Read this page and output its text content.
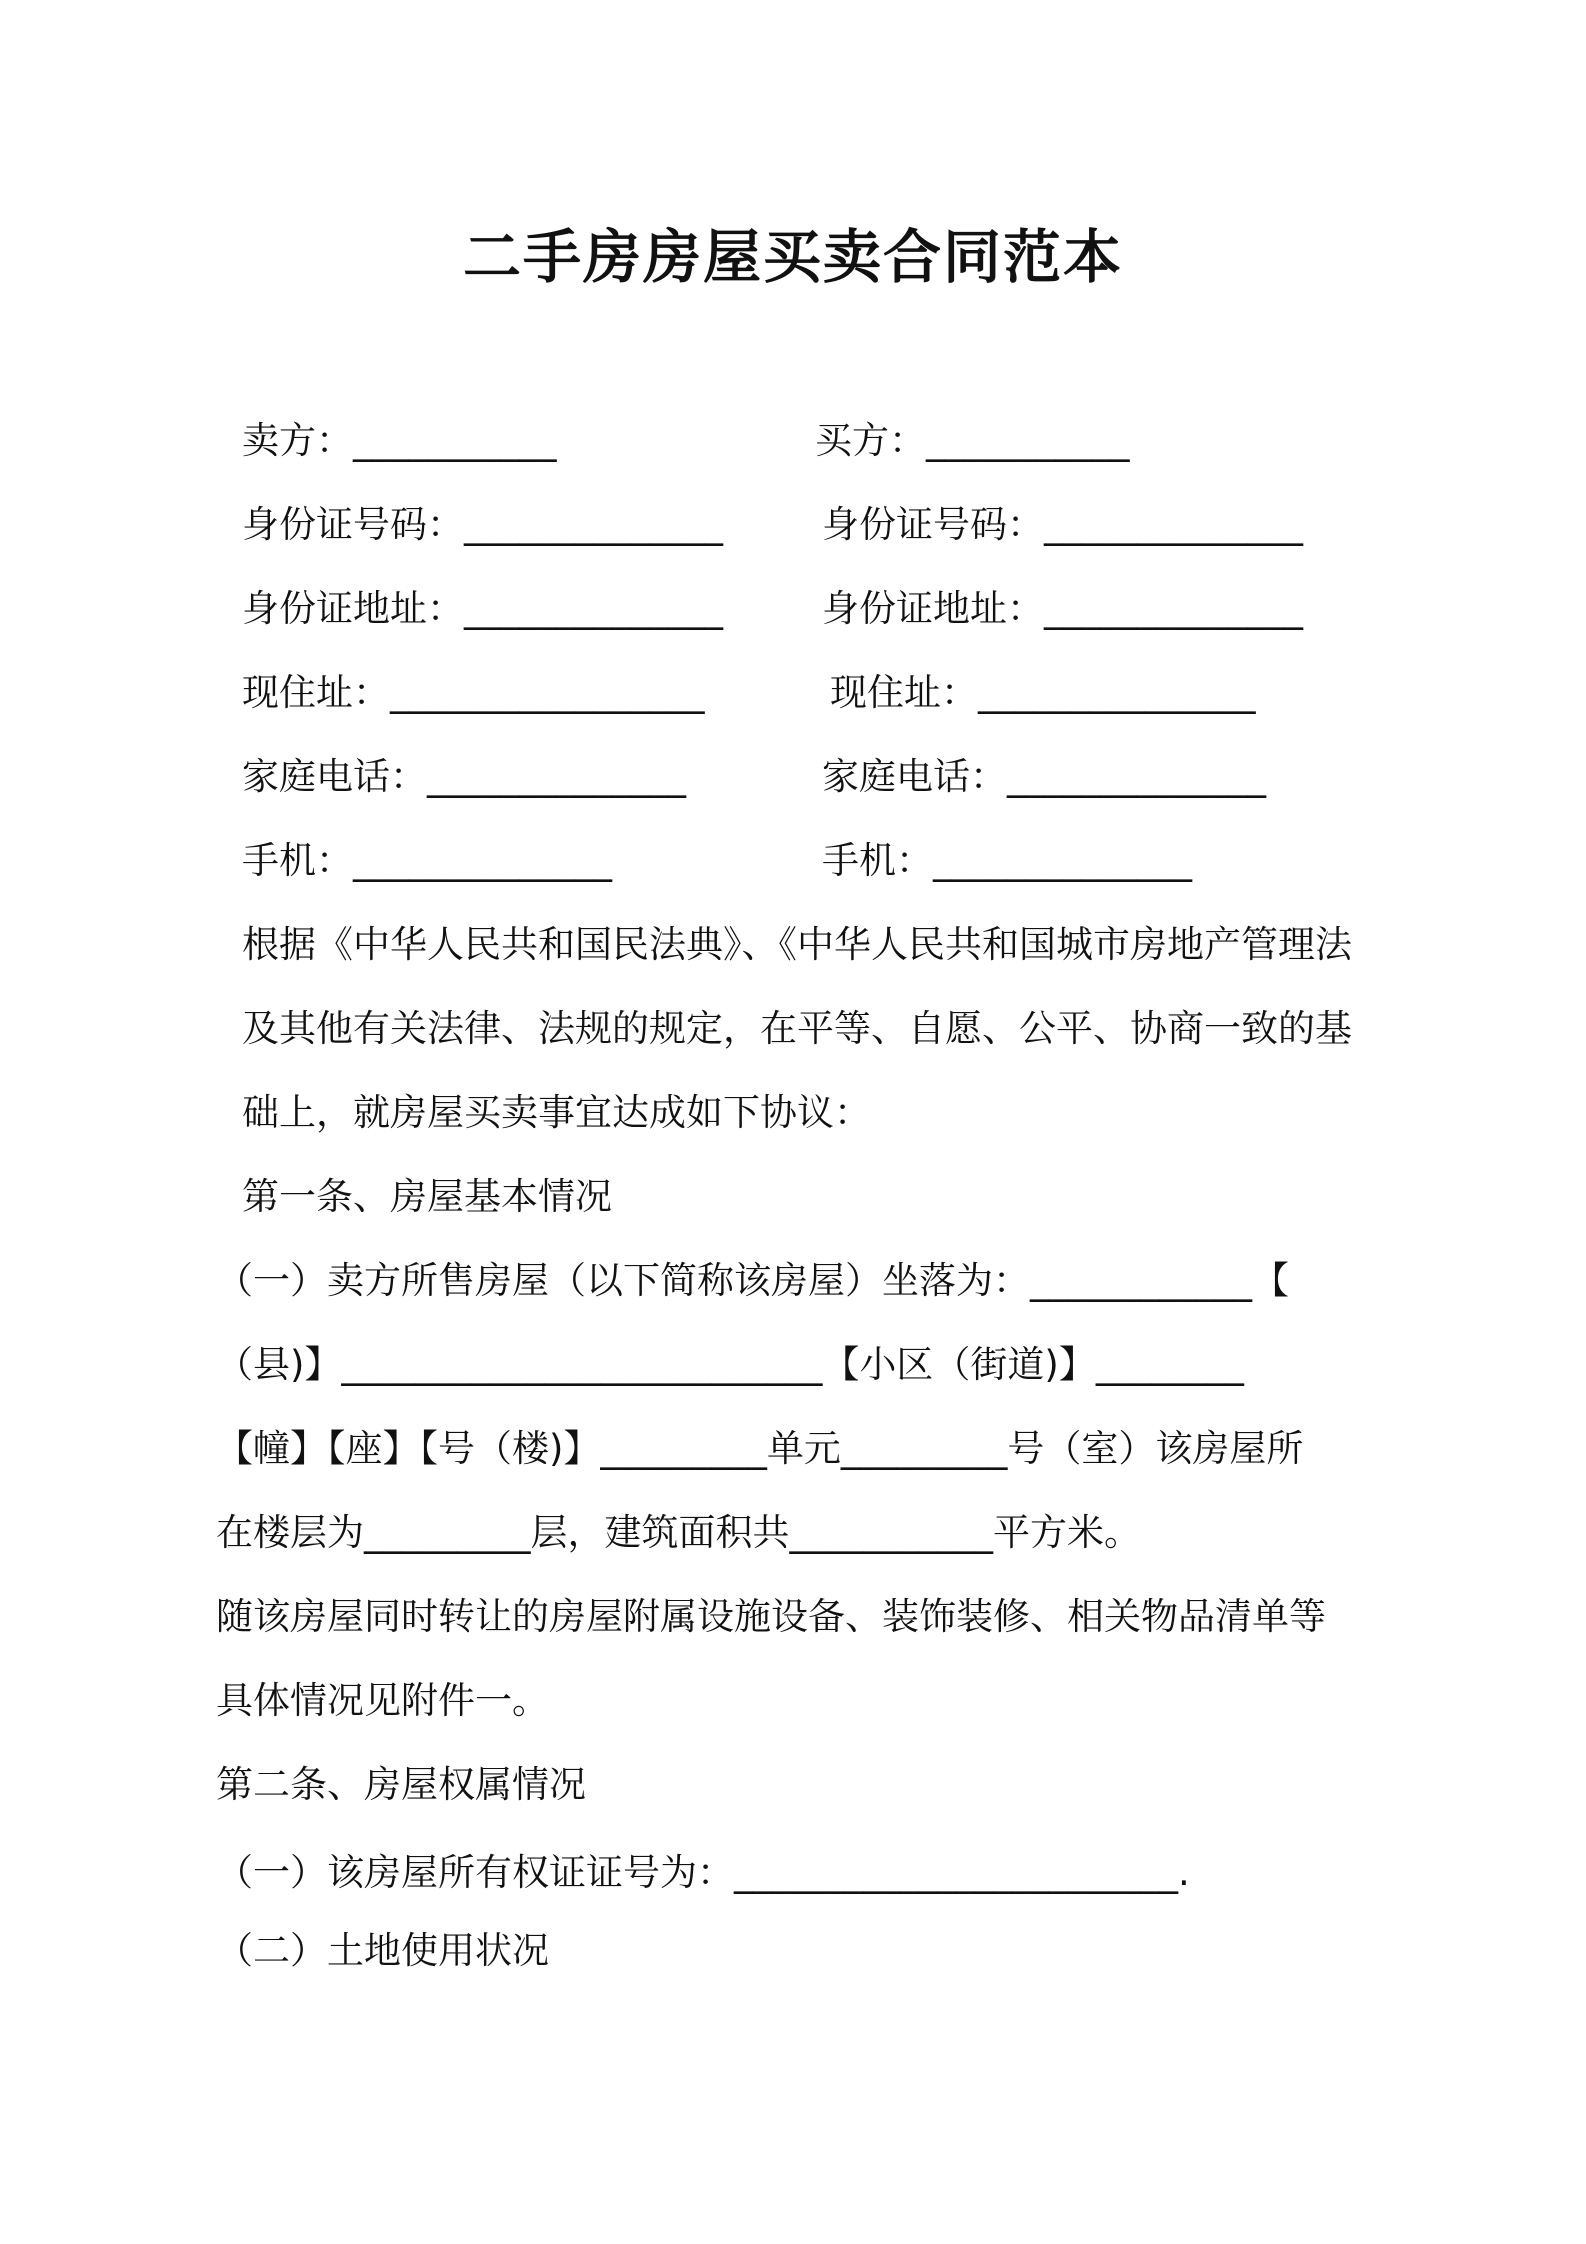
二手房房屋买卖合同范本
卖方：___________	买方：___________
身份证号码：______________	身份证号码：______________
身份证地址：______________	身份证地址：______________
现住址：_________________	现住址：_______________
家庭电话：______________	家庭电话：______________
手机：______________	手机：______________
根据《中华人民共和国民法典》、《中华人民共和国城市房地产管理法
及其他有关法律、法规的规定，在平等、自愿、公平、协商一致的基
础上，就房屋买卖事宜达成如下协议：
第一条、房屋基本情况
（一）卖方所售房屋（以下简称该房屋）坐落为：____________【
（县)】__________________________【小区（街道)】________
【幢】【座】【号（楼)】_________单元_________号（室）该房屋所
在楼层为_________层，建筑面积共___________平方米。
随该房屋同时转让的房屋附属设施设备、装饰装修、相关物品清单等
具体情况见附件一。
第二条、房屋权属情况
（一）该房屋所有权证证号为：________________________.
（二）土地使用状况
